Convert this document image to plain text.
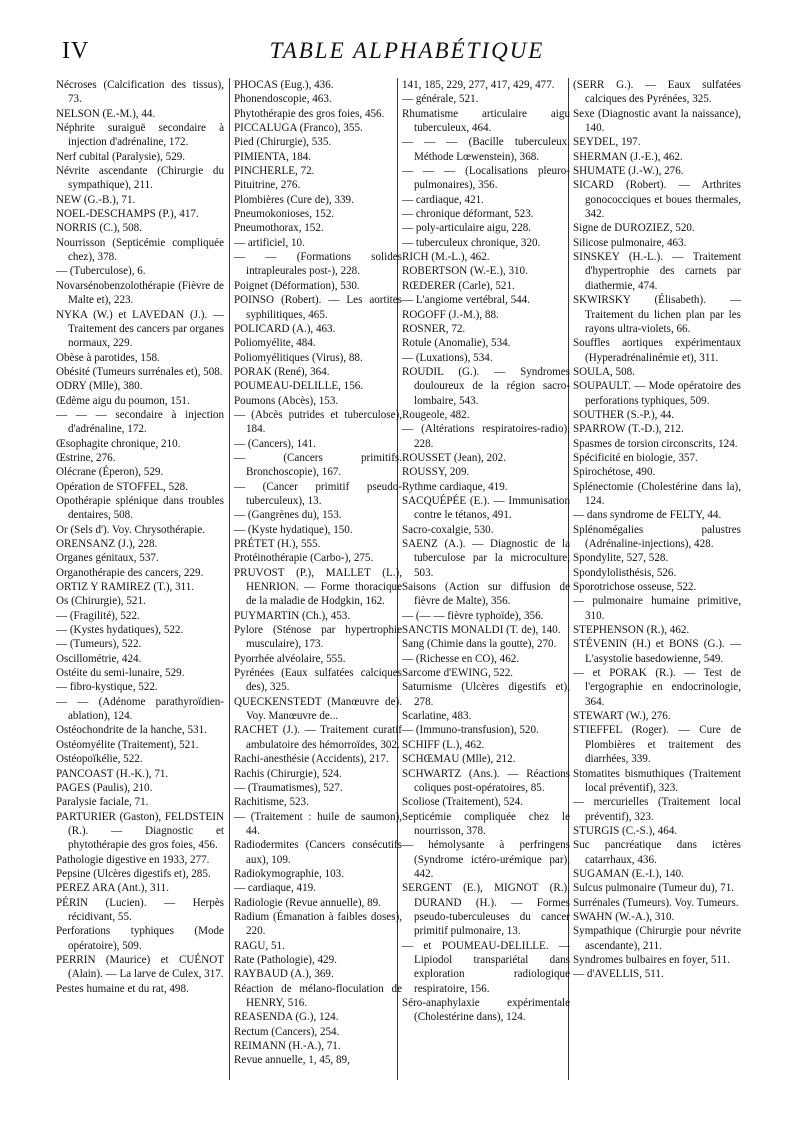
IV	TABLE ALPHABÉTIQUE

Nécroses (Calcification des tissus), 73.

NELSON (E.-M.), 44.

Néphrite suraiguë secondaire à injection d'adrénaline, 172.

Nerf cubital (Paralysie), 529.

Névrite ascendante (Chirurgie du sympathique), 211.

NEW (G.-B.), 71.

NOEL-DESCHAMPS (P.), 417.

NORRIS (C.), 508.

Nourrisson (Septicémie compliquée chez), 378.

— (Tuberculose), 6.

Novarsénobenzolothérapie (Fièvre de Malte et), 223.

NYKA (W.) et LAVEDAN (J.). — Traitement des cancers par organes normaux, 229.

Obèse à parotides, 158.

Obésité (Tumeurs surrénales et), 508.

ODRY (Mlle), 380.

Œdème aigu du poumon, 151.

— — — secondaire à injection d'adrénaline, 172.

Œsophagite chronique, 210.

Œstrine, 276.

Olécrane (Éperon), 529.

Opération de STOFFEL, 528.

Opothérapie splénique dans troubles dentaires, 508.

Or (Sels d'). Voy. Chrysothérapie.

ORENSANZ (J.), 228.

Organes génitaux, 537.

Organothérapie des cancers, 229.

ORTIZ Y RAMIREZ (T.), 311.

Os (Chirurgie), 521.

— (Fragilité), 522.

— (Kystes hydatiques), 522.

— (Tumeurs), 522.

Oscillométrie, 424.

Ostéite du semi-lunaire, 529.

— fibro-kystique, 522.

— — (Adénome parathyroïdien-ablation), 124.

Ostéochondrite de la hanche, 531.

Ostéomyélite (Traitement), 521.

Ostéopoïkélie, 522.

PANCOAST (H.-K.), 71.

PAGES (Paulis), 210.

Paralysie faciale, 71.

PARTURIER (Gaston), FELDSTEIN (R.). — Diagnostic et phytothérapie des gros foies, 456.

Pathologie digestive en 1933, 277.

Pepsine (Ulcères digestifs et), 285.

PEREZ ARA (Ant.), 311.

PÉRIN (Lucien). — Herpès récidivant, 55.

Perforations typhiques (Mode opératoire), 509.

PERRIN (Maurice) et CUÉNOT (Alain). — La larve de Culex, 317.

Pestes humaine et du rat, 498.

PHOCAS (Eug.), 436.

Phonendoscopie, 463.

Phytothérapie des gros foies, 456.

PICCALUGA (Franco), 355.

Pied (Chirurgie), 535.

PIMIENTA, 184.

PINCHERLE, 72.

Pituitrine, 276.

Plombières (Cure de), 339.

Pneumokonioses, 152.

Pneumothorax, 152.

— artificiel, 10.

— — (Formations solides intrapleurales post-), 228.

Poignet (Déformation), 530.

POINSO (Robert). — Les aortites syphilitiques, 465.

POLICARD (A.), 463.

Poliomyélite, 484.

Poliomyélitiques (Virus), 88.

PORAK (René), 364.

POUMEAU-DELILLE, 156.

Poumons (Abcès), 153.

— (Abcès putrides et tuberculose), 184.

— (Cancers), 141.

— (Cancers primitifs. Bronchoscopie), 167.

— (Cancer primitif pseudo-tuberculeux), 13.

— (Gangrènes du), 153.

— (Kyste hydatique), 150.

PRÉTET (H.), 555.

Protéinothérapie (Carbo-), 275.

PRUVOST (P.), MALLET (L.), HENRION. — Forme thoracique de la maladie de Hodgkin, 162.

PUYMARTIN (Ch.), 453.

Pylore (Sténose par hypertrophie musculaire), 173.

Pyorrhée alvéolaire, 555.

Pyrénées (Eaux sulfatées calciques des), 325.

QUECKENSTEDT (Manœuvre de). Voy. Manœuvre de...

RACHET (J.). — Traitement curatif ambulatoire des hémorroïdes, 302.

Rachi-anesthésie (Accidents), 217.

Rachis (Chirurgie), 524.

— (Traumatismes), 527.

Rachitisme, 523.

— (Traitement : huile de saumon), 44.

Radiodermites (Cancers consécutifs aux), 109.

Radiokymographie, 103.

— cardiaque, 419.

Radiologie (Revue annuelle), 89.

Radium (Émanation à faibles doses), 220.

RAGU, 51.

Rate (Pathologie), 429.

RAYBAUD (A.), 369.

Réaction de mélano-floculation de HENRY, 516.

REASENDA (G.), 124.

Rectum (Cancers), 254.

REIMANN (H.-A.), 71.

Revue annuelle, 1, 45, 89,

141, 185, 229, 277, 417, 429, 477.

— générale, 521.

Rhumatisme articulaire aigu tuberculeux, 464.

— — — (Bacille tuberculeux. Méthode Lœwenstein), 368.

— — — (Localisations pleuro-pulmonaires), 356.

— cardiaque, 421.

— chronique déformant, 523.

— poly-articulaire aigu, 228.

— tuberculeux chronique, 320.

RICH (M.-L.), 462.

ROBERTSON (W.-E.), 310.

RŒDERER (Carle), 521.

— L'angiome vertébral, 544.

ROGOFF (J.-M.), 88.

ROSNER, 72.

Rotule (Anomalie), 534.

— (Luxations), 534.

ROUDIL (G.). — Syndromes douloureux de la région sacro-lombaire, 543.

Rougeole, 482.

— (Altérations respiratoires-radio), 228.

ROUSSET (Jean), 202.

ROUSSY, 209.

Rythme cardiaque, 419.

SACQUÉPÉE (E.). — Immunisation contre le tétanos, 491.

Sacro-coxalgie, 530.

SAENZ (A.). — Diagnostic de la tuberculose par la microculture, 503.

Saisons (Action sur diffusion de fièvre de Malte), 356.

— (— — fièvre typhoïde), 356.

SANCTIS MONALDI (T. de), 140.

Sang (Chimie dans la goutte), 270.

— (Richesse en CO), 462.

Sarcome d'EWING, 522.

Saturnisme (Ulcères digestifs et), 278.

Scarlatine, 483.

— (Immuno-transfusion), 520.

SCHIFF (L.), 462.

SCHŒMAU (Mlle), 212.

SCHWARTZ (Ans.). — Réactions coliques post-opératoires, 85.

Scoliose (Traitement), 524.

Septicémie compliquée chez le nourrisson, 378.

— hémolysante à perfringens (Syndrome ictéro-urémique par), 442.

SERGENT (E.), MIGNOT (R.), DURAND (H.). — Formes pseudo-tuberculeuses du cancer primitif pulmonaire, 13.

— et POUMEAU-DELILLE. — Lipiodol transpariétal dans exploration radiologique respiratoire, 156.

Séro-anaphylaxie expérimentale (Cholestérine dans), 124.

(SERR G.). — Eaux sulfatées calciques des Pyrénées, 325.

Sexe (Diagnostic avant la naissance), 140.

SEYDEL, 197.

SHERMAN (J.-E.), 462.

SHUMATE (J.-W.), 276.

SICARD (Robert). — Arthrites gonococciques et boues thermales, 342.

Signe de DUROZIEZ, 520.

Silicose pulmonaire, 463.

SINSKEY (H.-L.). — Traitement d'hypertrophie des carnets par diathermie, 474.

SKWIRSKY (Élisabeth). — Traitement du lichen plan par les rayons ultra-violets, 66.

Souffles aortiques expérimentaux (Hyperadrénalinémie et), 311.

SOULA, 508.

SOUPAULT. — Mode opératoire des perforations typhiques, 509.

SOUTHER (S.-P.), 44.

SPARROW (T.-D.), 212.

Spasmes de torsion circonscrits, 124.

Spécificité en biologie, 357.

Spirochétose, 490.

Splénectomie (Cholestérine dans la), 124.

— dans syndrome de FELTY, 44.

Splénomégalies palustres (Adrénaline-injections), 428.

Spondylite, 527, 528.

Spondylolisthésis, 526.

Sporotrichose osseuse, 522.

— pulmonaire humaine primitive, 310.

STEPHENSON (R.), 462.

STÉVENIN (H.) et BONS (G.). — L'asystolie basedowienne, 549.

— et PORAK (R.). — Test de l'ergographie en endocrinologie, 364.

STEWART (W.), 276.

STIEFFEL (Roger). — Cure de Plombières et traitement des diarrhées, 339.

Stomatites bismuthiques (Traitement local préventif), 323.

— mercurielles (Traitement local préventif), 323.

STURGIS (C.-S.), 464.

Suc pancréatique dans ictères catarrhaux, 436.

SUGAMAN (E.-I.), 140.

Sulcus pulmonaire (Tumeur du), 71.

Surrénales (Tumeurs). Voy. Tumeurs.

SWAHN (W.-A.), 310.

Sympathique (Chirurgie pour névrite ascendante), 211.

Syndromes bulbaires en foyer, 511.

— d'AVELLIS, 511.
